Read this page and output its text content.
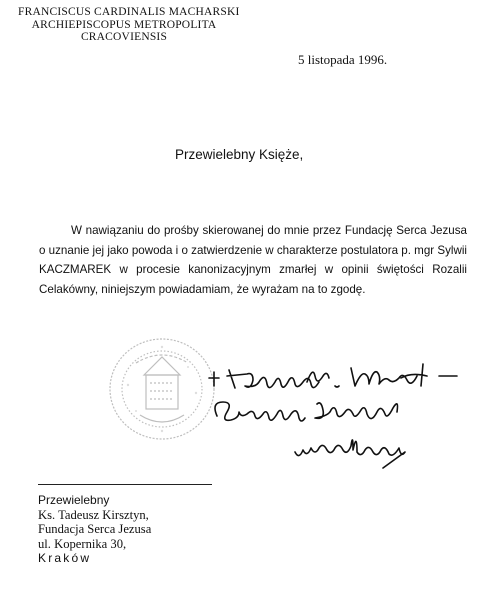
FRANCISCUS CARDINALIS MACHARSKI
ARCHIEPISCOPUS METROPOLITA
CRACOVIENSIS
5 listopada 1996.
Przewielebny Księże,

W nawiązaniu do prośby skierowanej do mnie przez Fundację Serca Jezusa o uznanie jej jako powoda i o zatwierdzenie w charakterze postulatora p. mgr Sylwii KACZMAREK w procesie kanonizacyjnym zmarłej w opinii świętości Rozalii Celakówny, niniejszym powiadamiam, że wyrażam na to zgodę.

Przewielebny
Ks. Tadeusz Kirsztyn,
Fundacja Serca Jezusa
ul. Kopernika 30,
Kraków
